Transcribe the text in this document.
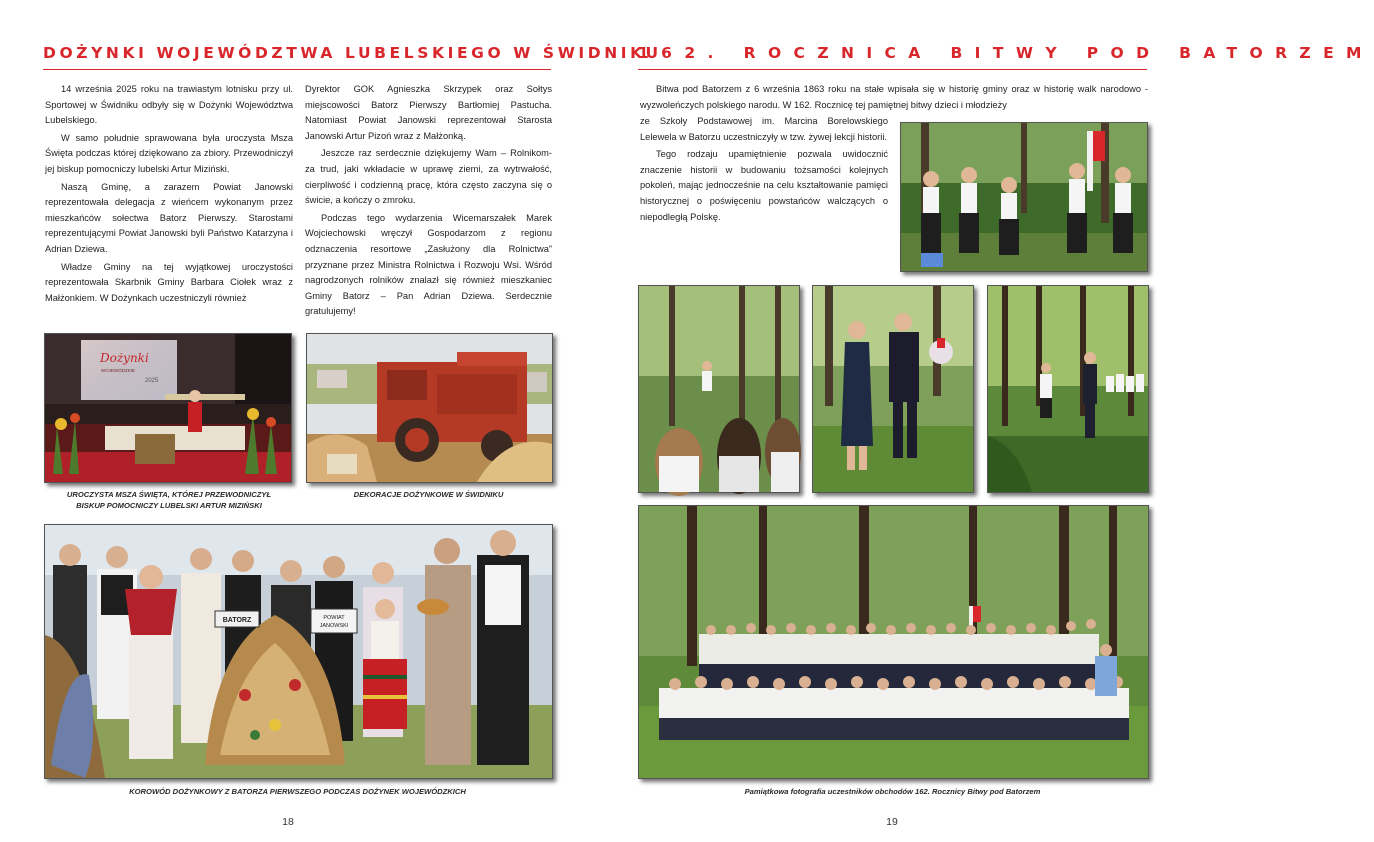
DOŻYNKI WOJEWÓDZTWA LUBELSKIEGO W ŚWIDNIKU

14 września 2025 roku na trawiastym lotnisku przy ul. Sportowej w Świdniku odbyły się w Dożynki Województwa Lubelskiego.

W samo południe sprawowana była uroczysta Msza Święta podczas której dziękowano za zbiory. Przewodniczył jej biskup pomocniczy lubelski Artur Miziński.

Naszą Gminę, a zarazem Powiat Janowski reprezentowała delegacja z wieńcem wykonanym przez mieszkańców sołectwa Batorz Pierwszy. Starostami reprezentującymi Powiat Janowski byli Państwo Katarzyna i Adrian Dziewa.

Władze Gminy na tej wyjątkowej uroczystości reprezentowała Skarbnik Gminy Barbara Ciołek wraz z Małżonkiem. W Dożynkach uczestniczyli również

Dyrektor GOK Agnieszka Skrzypek oraz Sołtys miejscowości Batorz Pierwszy Bartłomiej Pastucha. Natomiast Powiat Janowski reprezentował Starosta Janowski Artur Pizoń wraz z Małżonką.

Jeszcze raz serdecznie dziękujemy Wam – Rolnikom-za trud, jaki wkładacie w uprawę ziemi, za wytrwałość, cierpliwość i codzienną pracę, która często zaczyna się o świcie, a kończy o zmroku.

Podczas tego wydarzenia Wicemarszałek Marek Wojciechowski wręczył Gospodarzom z regionu odznaczenia resortowe „Zasłużony dla Rolnictwa” przyznane przez Ministra Rolnictwa i Rozwoju Wsi. Wśród nagrodzonych rolników znalazł się również mieszkaniec Gminy Batorz – Pan Adrian Dziewa. Serdecznie gratulujemy!

Dożynki
WOJEWÓDZKIE
2025
UROCZYSTA MSZA ŚWIĘTA, KTÓREJ PRZEWODNICZYŁ
BISKUP POMOCNICZY LUBELSKI ARTUR MIZIŃSKI
DEKORACJE DOŻYNKOWE W ŚWIDNIKU
BATORZ	POWIAT
JANOWSKI
KOROWÓD DOŻYNKOWY Z BATORZA PIERWSZEGO PODCZAS DOŻYNEK WOJEWÓDZKICH
18
162. ROCZNICA BITWY POD BATORZEM

Bitwa pod Batorzem z 6 września 1863 roku na stałe wpisała się w historię gminy oraz w historię walk narodowo - wyzwoleńczych polskiego narodu. W 162. Rocznicę tej pamiętnej bitwy dzieci i młodzieży

ze Szkoły Podstawowej im. Marcina Borelowskiego Lelewela w Batorzu uczestniczyły w tzw. żywej lekcji historii.

Tego rodzaju upamiętnienie pozwala uwidocznić znaczenie historii w budowaniu tożsamości kolejnych pokoleń, mając jednocześnie na celu kształtowanie pamięci historycznej o poświęceniu powstańców walczących o niepodległą Polskę.

Pamiątkowa fotografia uczestników obchodów 162. Rocznicy Bitwy pod Batorzem
19
